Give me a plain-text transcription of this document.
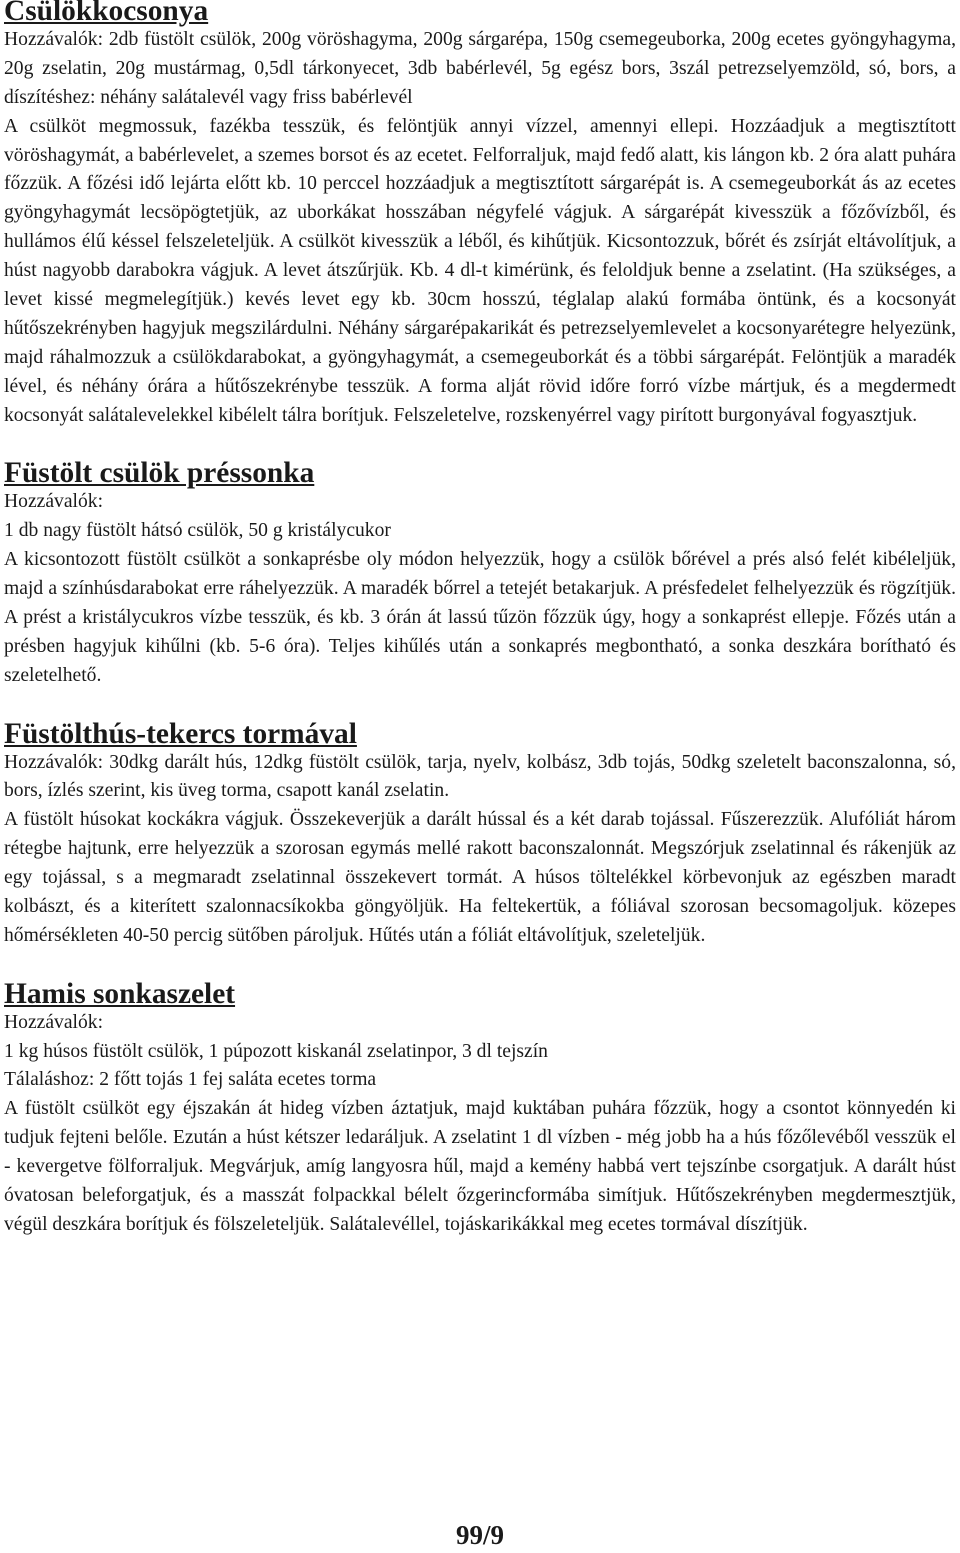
Csülökkocsonya

Hozzávalók: 2db füstölt csülök, 200g vöröshagyma, 200g sárgarépa, 150g csemegeuborka, 200g ecetes gyöngyhagyma, 20g zselatin, 20g mustármag, 0,5dl tárkonyecet, 3db babérlevél, 5g egész bors, 3szál petrezselyemzöld, só, bors, a díszítéshez: néhány salátalevél vagy friss babérlevél

A csülköt megmossuk, fazékba tesszük, és felöntjük annyi vízzel, amennyi ellepi. Hozzáadjuk a megtisztított vöröshagymát, a babérlevelet, a szemes borsot és az ecetet. Felforraljuk, majd fedő alatt, kis lángon kb. 2 óra alatt puhára főzzük. A főzési idő lejárta előtt kb. 10 perccel hozzáadjuk a megtisztított sárgarépát is. A csemegeuborkát ás az ecetes gyöngyhagymát lecsöpögtetjük, az uborkákat hosszában négyfelé vágjuk. A sárgarépát kivesszük a főzővízből, és hullámos élű késsel felszeleteljük. A csülköt kivesszük a léből, és kihűtjük. Kicsontozzuk, bőrét és zsírját eltávolítjuk, a húst nagyobb darabokra vágjuk. A levet átszűrjük. Kb. 4 dl-t kimérünk, és feloldjuk benne a zselatint. (Ha szükséges, a levet kissé megmelegítjük.) kevés levet egy kb. 30cm hosszú, téglalap alakú formába öntünk, és a kocsonyát hűtőszekrényben hagyjuk megszilárdulni. Néhány sárgarépakarikát és petrezselyemlevelet a kocsonyarétegre helyezünk, majd ráhalmozzuk a csülökdarabokat, a gyöngyhagymát, a csemegeuborkát és a többi sárgarépát. Felöntjük a maradék lével, és néhány órára a hűtőszekrénybe tesszük. A forma alját rövid időre forró vízbe mártjuk, és a megdermedt kocsonyát salátalevelekkel kibélelt tálra borítjuk. Felszeletelve, rozskenyérrel vagy pirított burgonyával fogyasztjuk.

Füstölt csülök préssonka

Hozzávalók:

1 db nagy füstölt hátsó csülök, 50 g kristálycukor

A kicsontozott füstölt csülköt a sonkaprésbe oly módon helyezzük, hogy a csülök bőrével a prés alsó felét kibéleljük, majd a színhúsdarabokat erre ráhelyezzük. A maradék bőrrel a tetejét betakarjuk. A présfedelet felhelyezzük és rögzítjük. A prést a kristálycukros vízbe tesszük, és kb. 3 órán át lassú tűzön főzzük úgy, hogy a sonkaprést ellepje. Főzés után a présben hagyjuk kihűlni (kb. 5-6 óra). Teljes kihűlés után a sonkaprés megbontható, a sonka deszkára borítható és szeletelhető.

Füstölthús-tekercs tormával

Hozzávalók: 30dkg darált hús, 12dkg füstölt csülök, tarja, nyelv, kolbász, 3db tojás, 50dkg szeletelt baconszalonna, só, bors, ízlés szerint, kis üveg torma, csapott kanál zselatin.

A füstölt húsokat kockákra vágjuk. Összekeverjük a darált hússal és a két darab tojással. Fűszerezzük. Alufóliát három rétegbe hajtunk, erre helyezzük a szorosan egymás mellé rakott baconszalonnát. Megszórjuk zselatinnal és rákenjük az egy tojással, s a megmaradt zselatinnal összekevert tormát. A húsos töltelékkel körbevonjuk az egészben maradt kolbászt, és a kiterített szalonnacsíkokba göngyöljük. Ha feltekertük, a fóliával szorosan becsomagoljuk. közepes hőmérsékleten 40-50 percig sütőben pároljuk. Hűtés után a fóliát eltávolítjuk, szeleteljük.

Hamis sonkaszelet

Hozzávalók:

1 kg húsos füstölt csülök, 1 púpozott kiskanál zselatinpor, 3 dl tejszín

Tálaláshoz: 2 főtt tojás 1 fej saláta ecetes torma

A füstölt csülköt egy éjszakán át hideg vízben áztatjuk, majd kuktában puhára főzzük, hogy a csontot könnyedén ki tudjuk fejteni belőle. Ezután a húst kétszer ledaráljuk. A zselatint 1 dl vízben - még jobb ha a hús főzőlevéből vesszük el - kevergetve fölforraljuk. Megvárjuk, amíg langyosra hűl, majd a kemény habbá vert tejszínbe csorgatjuk. A darált húst óvatosan beleforgatjuk, és a masszát folpackkal bélelt őzgerincformába simítjuk. Hűtőszekrényben megdermesztjük, végül deszkára borítjuk és fölszeleteljük. Salátalevéllel, tojáskarikákkal meg ecetes tormával díszítjük.

99/9
